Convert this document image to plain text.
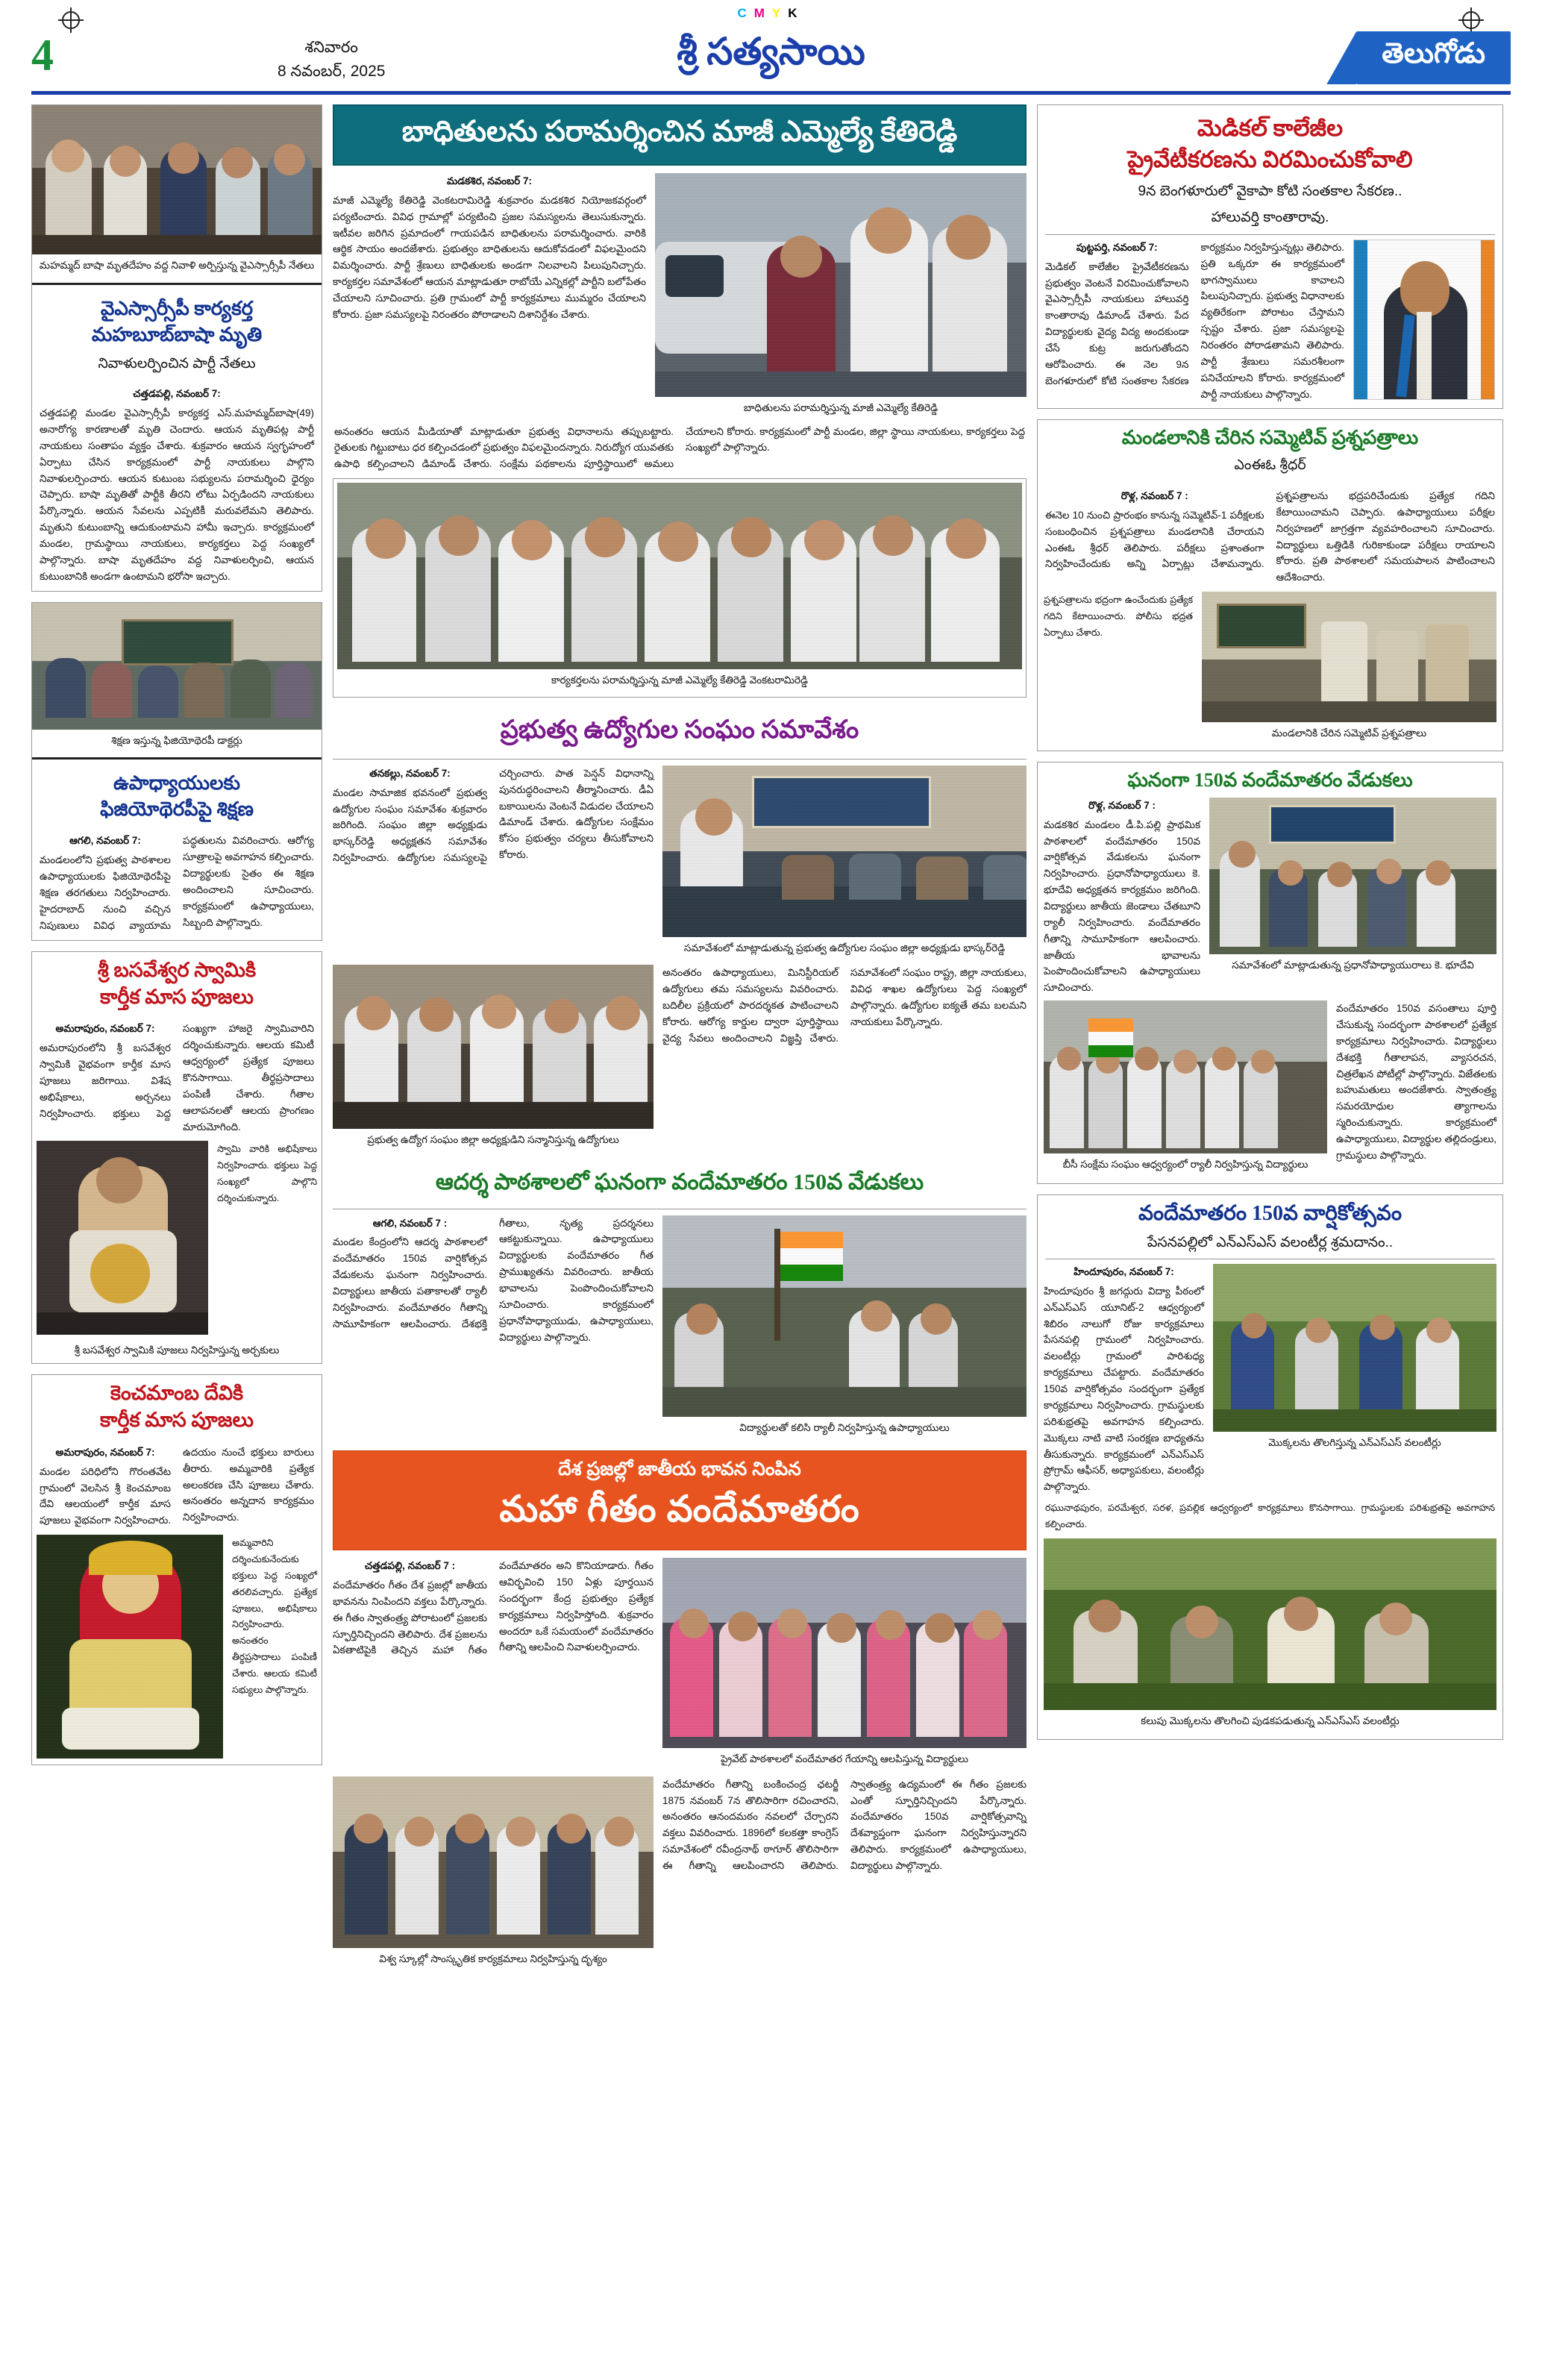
CMYK
4	శనివారం
8 నవంబర్, 2025	శ్రీ సత్యసాయి	తెలుగోడు
మహమ్మద్ బాషా మృతదేహం వద్ద నివాళి అర్పిస్తున్న వైఎస్సార్సీపీ నేతలు
వైఎస్సార్సీపీ కార్యకర్త
మహబూబ్‌బాషా మృతి
నివాళులర్పించిన పార్టీ నేతలు
చత్తడపల్లి, నవంబర్ 7:
చత్తడపల్లి మండల వైఎస్సార్సీపీ కార్యకర్త ఎస్.మహమ్మద్‌బాషా(49) అనారోగ్య కారణాలతో మృతి చెందారు. ఆయన మృతిపట్ల పార్టీ నాయకులు సంతాపం వ్యక్తం చేశారు. శుక్రవారం ఆయన స్వగృహంలో ఏర్పాటు చేసిన కార్యక్రమంలో పార్టీ నాయకులు పాల్గొని నివాళులర్పించారు. ఆయన కుటుంబ సభ్యులను పరామర్శించి ధైర్యం చెప్పారు. బాషా మృతితో పార్టీకి తీరని లోటు ఏర్పడిందని నాయకులు పేర్కొన్నారు. ఆయన సేవలను ఎప్పటికీ మరువలేమని తెలిపారు. మృతుని కుటుంబాన్ని ఆదుకుంటామని హామీ ఇచ్చారు. కార్యక్రమంలో మండల, గ్రామస్థాయి నాయకులు, కార్యకర్తలు పెద్ద సంఖ్యలో పాల్గొన్నారు. బాషా మృతదేహం వద్ద నివాళులర్పించి, ఆయన కుటుంబానికి అండగా ఉంటామని భరోసా ఇచ్చారు.
శిక్షణ ఇస్తున్న ఫిజియోథెరపీ డాక్టర్లు
ఉపాధ్యాయులకు
ఫిజియోథెరపీపై శిక్షణ
ఆగలి, నవంబర్ 7:
మండలంలోని ప్రభుత్వ పాఠశాలల ఉపాధ్యాయులకు ఫిజియోథెరపీపై శిక్షణ తరగతులు నిర్వహించారు. హైదరాబాద్ నుంచి వచ్చిన నిపుణులు వివిధ వ్యాయామ పద్ధతులను వివరించారు. ఆరోగ్య సూత్రాలపై అవగాహన కల్పించారు. విద్యార్థులకు సైతం ఈ శిక్షణ అందించాలని సూచించారు. కార్యక్రమంలో ఉపాధ్యాయులు, సిబ్బంది పాల్గొన్నారు.
శ్రీ బసవేశ్వర స్వామికి
కార్తీక మాస పూజలు
అమరాపురం, నవంబర్ 7:
అమరాపురంలోని శ్రీ బసవేశ్వర స్వామికి వైభవంగా కార్తీక మాస పూజలు జరిగాయి. విశేష అభిషేకాలు, అర్చనలు నిర్వహించారు. భక్తులు పెద్ద సంఖ్యగా హాజరై స్వామివారిని దర్శించుకున్నారు. ఆలయ కమిటీ ఆధ్వర్యంలో ప్రత్యేక పూజలు కొనసాగాయి. తీర్థప్రసాదాలు పంపిణీ చేశారు. గీతాల ఆలాపనలతో ఆలయ ప్రాంగణం మారుమోగింది.
స్వామి వారికి అభిషేకాలు నిర్వహించారు. భక్తులు పెద్ద సంఖ్యలో పాల్గొని దర్శించుకున్నారు.
శ్రీ బసవేశ్వర స్వామికి పూజలు నిర్వహిస్తున్న అర్చకులు
కెంచమాంబ దేవికి
కార్తీక మాస పూజలు
అమరాపురం, నవంబర్ 7:
మండల పరిధిలోని గొరంతవేట గ్రామంలో వెలసిన శ్రీ కెంచమాంబ దేవి ఆలయంలో కార్తీక మాస పూజలు వైభవంగా నిర్వహించారు. ఉదయం నుంచే భక్తులు బారులు తీరారు. అమ్మవారికి ప్రత్యేక అలంకరణ చేసి పూజలు చేశారు. అనంతరం అన్నదాన కార్యక్రమం నిర్వహించారు.
అమ్మవారిని దర్శించుకునేందుకు భక్తులు పెద్ద సంఖ్యలో తరలివచ్చారు. ప్రత్యేక పూజలు, అభిషేకాలు నిర్వహించారు. అనంతరం తీర్థప్రసాదాలు పంపిణీ చేశారు. ఆలయ కమిటీ సభ్యులు పాల్గొన్నారు.
బాధితులను పరామర్శించిన మాజీ ఎమ్మెల్యే కేతిరెడ్డి
మడకశిర, నవంబర్ 7:
మాజీ ఎమ్మెల్యే కేతిరెడ్డి వెంకటరామిరెడ్డి శుక్రవారం మడకశిర నియోజకవర్గంలో పర్యటించారు. వివిధ గ్రామాల్లో పర్యటించి ప్రజల సమస్యలను తెలుసుకున్నారు. ఇటీవల జరిగిన ప్రమాదంలో గాయపడిన బాధితులను పరామర్శించారు. వారికి ఆర్థిక సాయం అందజేశారు. ప్రభుత్వం బాధితులను ఆదుకోవడంలో విఫలమైందని విమర్శించారు. పార్టీ శ్రేణులు బాధితులకు అండగా నిలవాలని పిలుపునిచ్చారు. కార్యకర్తల సమావేశంలో ఆయన మాట్లాడుతూ రాబోయే ఎన్నికల్లో పార్టీని బలోపేతం చేయాలని సూచించారు. ప్రతి గ్రామంలో పార్టీ కార్యక్రమాలు ముమ్మరం చేయాలని కోరారు. ప్రజా సమస్యలపై నిరంతరం పోరాడాలని దిశానిర్దేశం చేశారు.
బాధితులను పరామర్శిస్తున్న మాజీ ఎమ్మెల్యే కేతిరెడ్డి
అనంతరం ఆయన మీడియాతో మాట్లాడుతూ ప్రభుత్వ విధానాలను తప్పుబట్టారు. రైతులకు గిట్టుబాటు ధర కల్పించడంలో ప్రభుత్వం విఫలమైందన్నారు. నిరుద్యోగ యువతకు ఉపాధి కల్పించాలని డిమాండ్ చేశారు. సంక్షేమ పథకాలను పూర్తిస్థాయిలో అమలు చేయాలని కోరారు. కార్యక్రమంలో పార్టీ మండల, జిల్లా స్థాయి నాయకులు, కార్యకర్తలు పెద్ద సంఖ్యలో పాల్గొన్నారు.
కార్యకర్తలను పరామర్శిస్తున్న మాజీ ఎమ్మెల్యే కేతిరెడ్డి వెంకటరామిరెడ్డి
ప్రభుత్వ ఉద్యోగుల సంఘం సమావేశం
తనకల్లు, నవంబర్ 7:
మండల సామాజిక భవనంలో ప్రభుత్వ ఉద్యోగుల సంఘం సమావేశం శుక్రవారం జరిగింది. సంఘం జిల్లా అధ్యక్షుడు భాస్కర్‌రెడ్డి అధ్యక్షతన సమావేశం నిర్వహించారు. ఉద్యోగుల సమస్యలపై చర్చించారు. పాత పెన్షన్ విధానాన్ని పునరుద్ధరించాలని తీర్మానించారు. డీఏ బకాయిలను వెంటనే విడుదల చేయాలని డిమాండ్ చేశారు. ఉద్యోగుల సంక్షేమం కోసం ప్రభుత్వం చర్యలు తీసుకోవాలని కోరారు.
సమావేశంలో మాట్లాడుతున్న ప్రభుత్వ ఉద్యోగుల సంఘం జిల్లా అధ్యక్షుడు భాస్కర్‌రెడ్డి
ప్రభుత్వ ఉద్యోగ సంఘం జిల్లా అధ్యక్షుడిని సన్మానిస్తున్న ఉద్యోగులు
అనంతరం ఉపాధ్యాయులు, మినిస్టీరియల్ ఉద్యోగులు తమ సమస్యలను వివరించారు. బదిలీల ప్రక్రియలో పారదర్శకత పాటించాలని కోరారు. ఆరోగ్య కార్డుల ద్వారా పూర్తిస్థాయి వైద్య సేవలు అందించాలని విజ్ఞప్తి చేశారు. సమావేశంలో సంఘం రాష్ట్ర, జిల్లా నాయకులు, వివిధ శాఖల ఉద్యోగులు పెద్ద సంఖ్యలో పాల్గొన్నారు. ఉద్యోగుల ఐక్యతే తమ బలమని నాయకులు పేర్కొన్నారు.
ఆదర్శ పాఠశాలలో ఘనంగా వందేమాతరం 150వ వేడుకలు
ఆగలి, నవంబర్ 7 :
మండల కేంద్రంలోని ఆదర్శ పాఠశాలలో వందేమాతరం 150వ వార్షికోత్సవ వేడుకలను ఘనంగా నిర్వహించారు. విద్యార్థులు జాతీయ పతాకాలతో ర్యాలీ నిర్వహించారు. వందేమాతరం గీతాన్ని సామూహికంగా ఆలపించారు. దేశభక్తి గీతాలు, నృత్య ప్రదర్శనలు ఆకట్టుకున్నాయి. ఉపాధ్యాయులు విద్యార్థులకు వందేమాతరం గీత ప్రాముఖ్యతను వివరించారు. జాతీయ భావాలను పెంపొందించుకోవాలని సూచించారు. కార్యక్రమంలో ప్రధానోపాధ్యాయుడు, ఉపాధ్యాయులు, విద్యార్థులు పాల్గొన్నారు.
విద్యార్థులతో కలిసి ర్యాలీ నిర్వహిస్తున్న ఉపాధ్యాయులు
దేశ ప్రజల్లో జాతీయ భావన నింపిన
మహా గీతం వందేమాతరం
చత్తడపల్లి, నవంబర్ 7 :
వందేమాతరం గీతం దేశ ప్రజల్లో జాతీయ భావనను నింపిందని వక్తలు పేర్కొన్నారు. ఈ గీతం స్వాతంత్ర్య పోరాటంలో ప్రజలకు స్ఫూర్తినిచ్చిందని తెలిపారు. దేశ ప్రజలను ఏకతాటిపైకి తెచ్చిన మహా గీతం వందేమాతరం అని కొనియాడారు. గీతం ఆవిర్భవించి 150 ఏళ్లు పూర్తయిన సందర్భంగా కేంద్ర ప్రభుత్వం ప్రత్యేక కార్యక్రమాలు నిర్వహిస్తోంది. శుక్రవారం అందరూ ఒకే సమయంలో వందేమాతరం గీతాన్ని ఆలపించి నివాళులర్పించారు.
ప్రైవేట్ పాఠశాలలో వందేమాతర గేయాన్ని ఆలపిస్తున్న విద్యార్థులు
విశ్వ స్కూల్లో సాంస్కృతిక కార్యక్రమాలు నిర్వహిస్తున్న దృశ్యం
వందేమాతరం గీతాన్ని బంకించంద్ర ఛటర్జీ 1875 నవంబర్ 7న తొలిసారిగా రచించారని, అనంతరం ఆనందమఠం నవలలో చేర్చారని వక్తలు వివరించారు. 1896లో కలకత్తా కాంగ్రెస్ సమావేశంలో రవీంద్రనాథ్ ఠాగూర్ తొలిసారిగా ఈ గీతాన్ని ఆలపించారని తెలిపారు. స్వాతంత్ర్య ఉద్యమంలో ఈ గీతం ప్రజలకు ఎంతో స్ఫూర్తినిచ్చిందని పేర్కొన్నారు. వందేమాతరం 150వ వార్షికోత్సవాన్ని దేశవ్యాప్తంగా ఘనంగా నిర్వహిస్తున్నారని తెలిపారు. కార్యక్రమంలో ఉపాధ్యాయులు, విద్యార్థులు పాల్గొన్నారు.
మెడికల్ కాలేజీల
ప్రైవేటీకరణను విరమించుకోవాలి
9న బెంగళూరులో వైకాపా కోటి సంతకాల సేకరణ..
హాలువర్తి కాంతారావు.
పుట్టపర్తి, నవంబర్ 7:
మెడికల్ కాలేజీల ప్రైవేటీకరణను ప్రభుత్వం వెంటనే విరమించుకోవాలని వైఎస్సార్సీపీ నాయకులు హాలువర్తి కాంతారావు డిమాండ్ చేశారు. పేద విద్యార్థులకు వైద్య విద్య అందకుండా చేసే కుట్ర జరుగుతోందని ఆరోపించారు. ఈ నెల 9న బెంగళూరులో కోటి సంతకాల సేకరణ కార్యక్రమం నిర్వహిస్తున్నట్లు తెలిపారు. ప్రతి ఒక్కరూ ఈ కార్యక్రమంలో భాగస్వాములు కావాలని పిలుపునిచ్చారు. ప్రభుత్వ విధానాలకు వ్యతిరేకంగా పోరాటం చేస్తామని స్పష్టం చేశారు. ప్రజా సమస్యలపై నిరంతరం పోరాడతామని తెలిపారు. పార్టీ శ్రేణులు సమరశీలంగా పనిచేయాలని కోరారు. కార్యక్రమంలో పార్టీ నాయకులు పాల్గొన్నారు.
మండలానికి చేరిన సమ్మెటివ్ ప్రశ్నపత్రాలు
ఎంఈఓ శ్రీధర్
రొళ్ల, నవంబర్ 7 :
ఈనెల 10 నుంచి ప్రారంభం కానున్న సమ్మెటివ్-1 పరీక్షలకు సంబంధించిన ప్రశ్నపత్రాలు మండలానికి చేరాయని ఎంఈఓ శ్రీధర్ తెలిపారు. పరీక్షలు ప్రశాంతంగా నిర్వహించేందుకు అన్ని ఏర్పాట్లు చేశామన్నారు. ప్రశ్నపత్రాలను భద్రపరిచేందుకు ప్రత్యేక గదిని కేటాయించామని చెప్పారు. ఉపాధ్యాయులు పరీక్షల నిర్వహణలో జాగ్రత్తగా వ్యవహరించాలని సూచించారు. విద్యార్థులు ఒత్తిడికి గురికాకుండా పరీక్షలు రాయాలని కోరారు. ప్రతి పాఠశాలలో సమయపాలన పాటించాలని ఆదేశించారు.
ప్రశ్నపత్రాలను భద్రంగా ఉంచేందుకు ప్రత్యేక గదిని కేటాయించారు. పోలీసు భద్రత ఏర్పాటు చేశారు.
మండలానికి చేరిన సమ్మెటివ్ ప్రశ్నపత్రాలు
ఘనంగా 150వ వందేమాతరం వేడుకలు
రొళ్ల, నవంబర్ 7 :
మడకశిర మండలం డీ.పి.పల్లి ప్రాథమిక పాఠశాలలో వందేమాతరం 150వ వార్షికోత్సవ వేడుకలను ఘనంగా నిర్వహించారు. ప్రధానోపాధ్యాయులు కె. భూదేవి అధ్యక్షతన కార్యక్రమం జరిగింది. విద్యార్థులు జాతీయ జెండాలు చేతబూని ర్యాలీ నిర్వహించారు. వందేమాతరం గీతాన్ని సామూహికంగా ఆలపించారు. జాతీయ భావాలను పెంపొందించుకోవాలని ఉపాధ్యాయులు సూచించారు.
సమావేశంలో మాట్లాడుతున్న ప్రధానోపాధ్యాయురాలు కె. భూదేవి
బీసీ సంక్షేమ సంఘం ఆధ్వర్యంలో ర్యాలీ నిర్వహిస్తున్న విద్యార్థులు
వందేమాతరం 150వ వసంతాలు పూర్తి చేసుకున్న సందర్భంగా పాఠశాలలో ప్రత్యేక కార్యక్రమాలు నిర్వహించారు. విద్యార్థులు దేశభక్తి గీతాలాపన, వ్యాసరచన, చిత్రలేఖన పోటీల్లో పాల్గొన్నారు. విజేతలకు బహుమతులు అందజేశారు. స్వాతంత్ర్య సమరయోధుల త్యాగాలను స్మరించుకున్నారు. కార్యక్రమంలో ఉపాధ్యాయులు, విద్యార్థుల తల్లిదండ్రులు, గ్రామస్థులు పాల్గొన్నారు.
వందేమాతరం 150వ వార్షికోత్సవం
పేసనపల్లిలో ఎన్ఎస్ఎస్ వలంటీర్ల శ్రమదానం..
హిందూపురం, నవంబర్ 7:
హిందూపురం శ్రీ జగద్గురు విద్యా పీఠంలో ఎన్ఎస్ఎస్ యూనిట్-2 ఆధ్వర్యంలో శిబిరం నాలుగో రోజు కార్యక్రమాలు పేసనపల్లి గ్రామంలో నిర్వహించారు. వలంటీర్లు గ్రామంలో పారిశుధ్య కార్యక్రమాలు చేపట్టారు. వందేమాతరం 150వ వార్షికోత్సవం సందర్భంగా ప్రత్యేక కార్యక్రమాలు నిర్వహించారు. గ్రామస్థులకు పరిశుభ్రతపై అవగాహన కల్పించారు. మొక్కలు నాటి వాటి సంరక్షణ బాధ్యతను తీసుకున్నారు. కార్యక్రమంలో ఎన్ఎస్ఎస్ ప్రోగ్రామ్ ఆఫీసర్, అధ్యాపకులు, వలంటీర్లు పాల్గొన్నారు.
మొక్కలను తొలగిస్తున్న ఎన్ఎస్ఎస్ వలంటీర్లు
రఘునాథపురం, పరమేశ్వర, సరళ, ప్రవల్లిక ఆధ్వర్యంలో కార్యక్రమాలు కొనసాగాయి. గ్రామస్థులకు పరిశుభ్రతపై అవగాహన కల్పించారు.
కలుపు మొక్కలను తొలగించి పుడకపడుతున్న ఎన్ఎస్ఎస్ వలంటీర్లు
